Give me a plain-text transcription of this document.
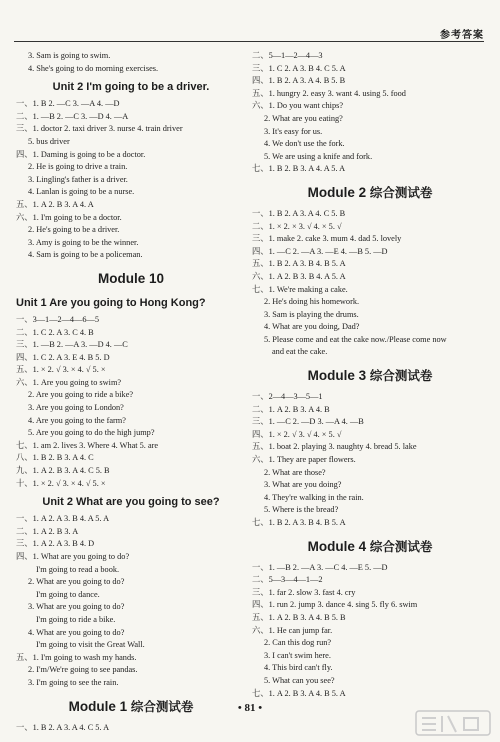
参考答案
3. Sam is going to swim.
4. She's going to do morning exercises.
Unit 2 I'm going to be a driver.
一、1. B 2. —C 3. —A 4. —D
二、1. —B 2. —C 3. —D 4. —A
三、1. doctor 2. taxi driver 3. nurse 4. train driver
5. bus driver
四、1. Daming is going to be a doctor.
2. He is going to drive a train.
3. Lingling's father is a driver.
4. Lanlan is going to be a nurse.
五、1. A 2. B 3. A 4. A
六、1. I'm going to be a doctor.
2. He's going to be a driver.
3. Amy is going to be the winner.
4. Sam is going to be a policeman.
Module 10
Unit 1 Are you going to Hong Kong?
一、3—1—2—4—6—5
二、1. C 2. A 3. C 4. B
三、1. —B 2. —A 3. —D 4. —C
四、1. C 2. A 3. E 4. B 5. D
五、1. × 2. √ 3. × 4. √ 5. ×
六、1. Are you going to swim?
2. Are you going to ride a bike?
3. Are you going to London?
4. Are you going to the farm?
5. Are you going to do the high jump?
七、1. am 2. lives 3. Where 4. What 5. are
八、1. B 2. B 3. A 4. C
九、1. A 2. B 3. A 4. C 5. B
十、1. × 2. √ 3. × 4. √ 5. ×
Unit 2 What are you going to see?
一、1. A 2. A 3. B 4. A 5. A
二、1. A 2. B 3. A
三、1. A 2. A 3. B 4. D
四、1. What are you going to do?
I'm going to read a book.
2. What are you going to do?
I'm going to dance.
3. What are you going to do?
I'm going to ride a bike.
4. What are you going to do?
I'm going to visit the Great Wall.
五、1. I'm going to wash my hands.
2. I'm/We're going to see pandas.
3. I'm going to see the rain.
Module 1 综合测试卷
一、1. B 2. A 3. A 4. C 5. A
二、5—1—2—4—3
三、1. C 2. A 3. B 4. C 5. A
四、1. B 2. A 3. A 4. B 5. B
五、1. hungry 2. easy 3. want 4. using 5. food
六、1. Do you want chips?
2. What are you eating?
3. It's easy for us.
4. We don't use the fork.
5. We are using a knife and fork.
七、1. B 2. B 3. A 4. A 5. A
Module 2 综合测试卷
一、1. B 2. A 3. A 4. C 5. B
二、1. × 2. × 3. √ 4. × 5. √
三、1. make 2. cake 3. mum 4. dad 5. lovely
四、1. —C 2. —A 3. —E 4. —B 5. —D
五、1. B 2. A 3. B 4. B 5. A
六、1. A 2. B 3. B 4. A 5. A
七、1. We're making a cake.
2. He's doing his homework.
3. Sam is playing the drums.
4. What are you doing, Dad?
5. Please come and eat the cake now./Please come now
and eat the cake.
Module 3 综合测试卷
一、2—4—3—5—1
二、1. A 2. B 3. A 4. B
三、1. —C 2. —D 3. —A 4. —B
四、1. × 2. √ 3. √ 4. × 5. √
五、1. boat 2. playing 3. naughty 4. bread 5. lake
六、1. They are paper flowers.
2. What are those?
3. What are you doing?
4. They're walking in the rain.
5. Where is the bread?
七、1. B 2. A 3. B 4. B 5. A
Module 4 综合测试卷
一、1. —B 2. —A 3. —C 4. —E 5. —D
二、5—3—4—1—2
三、1. far 2. slow 3. fast 4. cry
四、1. run 2. jump 3. dance 4. sing 5. fly 6. swim
五、1. A 2. B 3. A 4. B 5. B
六、1. He can jump far.
2. Can this dog run?
3. I can't swim here.
4. This bird can't fly.
5. What can you see?
七、1. A 2. B 3. A 4. B 5. A
• 81 •
